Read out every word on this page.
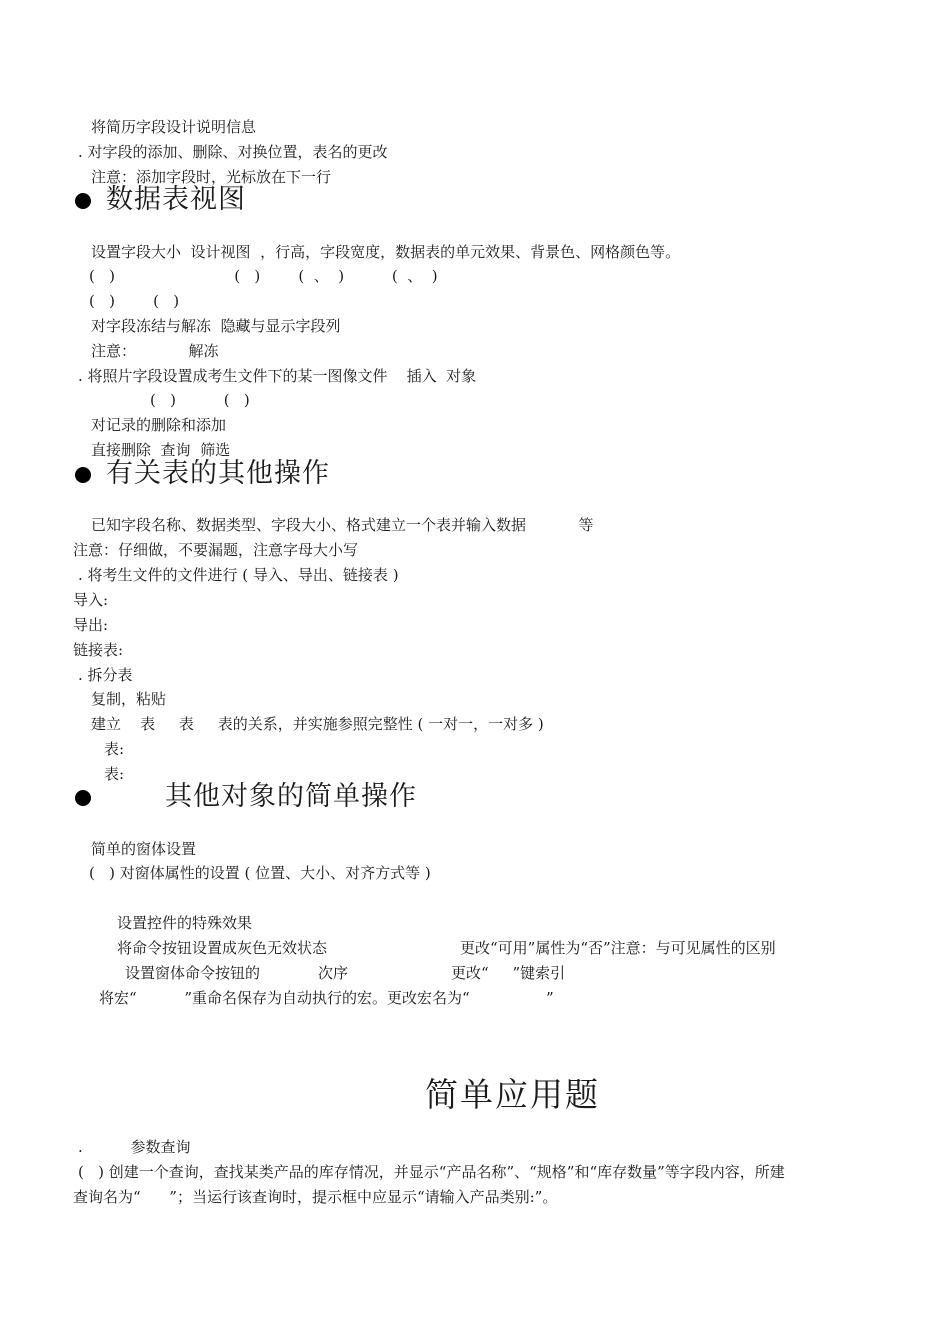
将简历字段设计说明信息
. 对字段的添加、删除、对换位置，表名的更改
注意：添加字段时，光标放在下一行
数据表视图
设置字段大小  设计视图  ，行高，字段宽度，数据表的单元效果、背景色、网格颜色等。
(   )                         (   )        (  、  )          (  、  )
(   )        (   )
对字段冻结与解冻  隐藏与显示字段列
注意：           解冻
. 将照片字段设置成考生文件下的某一图像文件    插入  对象
(   )          (   )
对记录的删除和添加
直接删除  查询  筛选
有关表的其他操作
已知字段名称、数据类型、字段大小、格式建立一个表并输入数据           等
注意：仔细做，不要漏题，注意字母大小写
. 将考生文件的文件进行 ( 导入、导出、链接表 )
导入:
导出:
链接表:
. 拆分表
复制，粘贴
建立    表     表     表的关系，并实施参照完整性 ( 一对一，一对多 )
表:
表:
其他对象的简单操作
简单的窗体设置
(   ) 对窗体属性的设置 ( 位置、大小、对齐方式等 )
设置控件的特殊效果
将命令按钮设置成灰色无效状态	更改“可用”属性为“否”注意：与可见属性的区别
设置窗体命令按钮的	次序	更改“     ”键索引
将宏“          ”重命名保存为自动执行的宏。更改宏名为“                ”
简单应用题
.          参数查询
(   ) 创建一个查询，查找某类产品的库存情况，并显示“产品名称”、“规格”和“库存数量”等字段内容，所建
查询名为“      ”；当运行该查询时，提示框中应显示“请输入产品类别:”。
